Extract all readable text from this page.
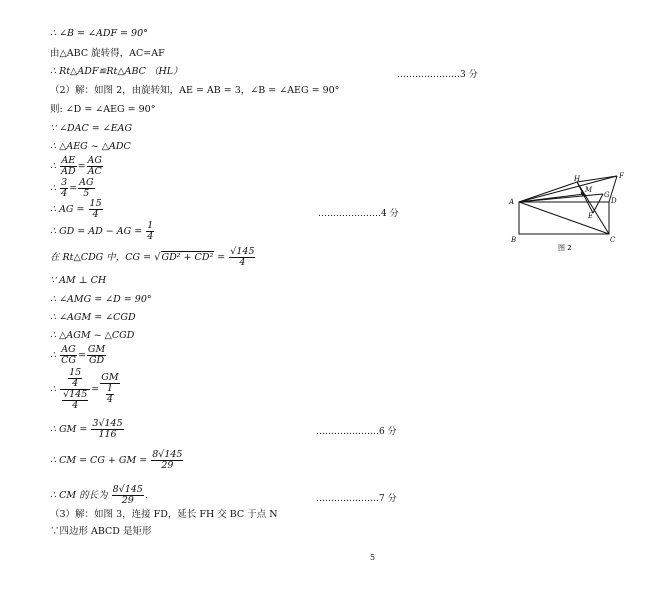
∴ ∠B = ∠ADF = 90°
由△ABC 旋转得，AC=AF
∴ Rt△ADF≌Rt△ABC （HL）	…………………3 分
（2）解：如图 2，由旋转知，AE = AB = 3，∠B = ∠AEG = 90°
则: ∠D = ∠AEG = 90°
∵ ∠DAC = ∠EAG
∴ △AEG ~ △ADC
∴ $\frac{AE}{AD} = \frac{AG}{AC}$
∴ $\frac{3}{4} = \frac{AG}{5}$
∴ AG = $\frac{15}{4}$	…………………4 分
∴ GD = AD − AG = $\frac{1}{4}$
在 Rt△CDG 中，CG = $√GD^2 + CD^2 = \frac{√145}{4}$
∵ AM ⊥ CH
∴ ∠AMG = ∠D = 90°
∴ ∠AGM = ∠CGD
∴ △AGM ~ △CGD
∴ $\frac{AG}{CG} = \frac{GM}{GD}$
∴ $\frac{\frac{15}{4}}{\frac{√145}{4}} = \frac{GM}{\frac{1}{4}}$
∴ GM = $\frac{3√145}{116}$	…………………6 分
∴ CM = CG + GM = $\frac{8√145}{29}$
∴ CM 的长为 $\frac{8√145}{29}$ .	…………………7 分
（3）解：如图 3，连接 FD，延长 FH 交 BC 于点 N
∵四边形 ABCD 是矩形
A
B	C
D
E
F
G
H
M
图 2
5
